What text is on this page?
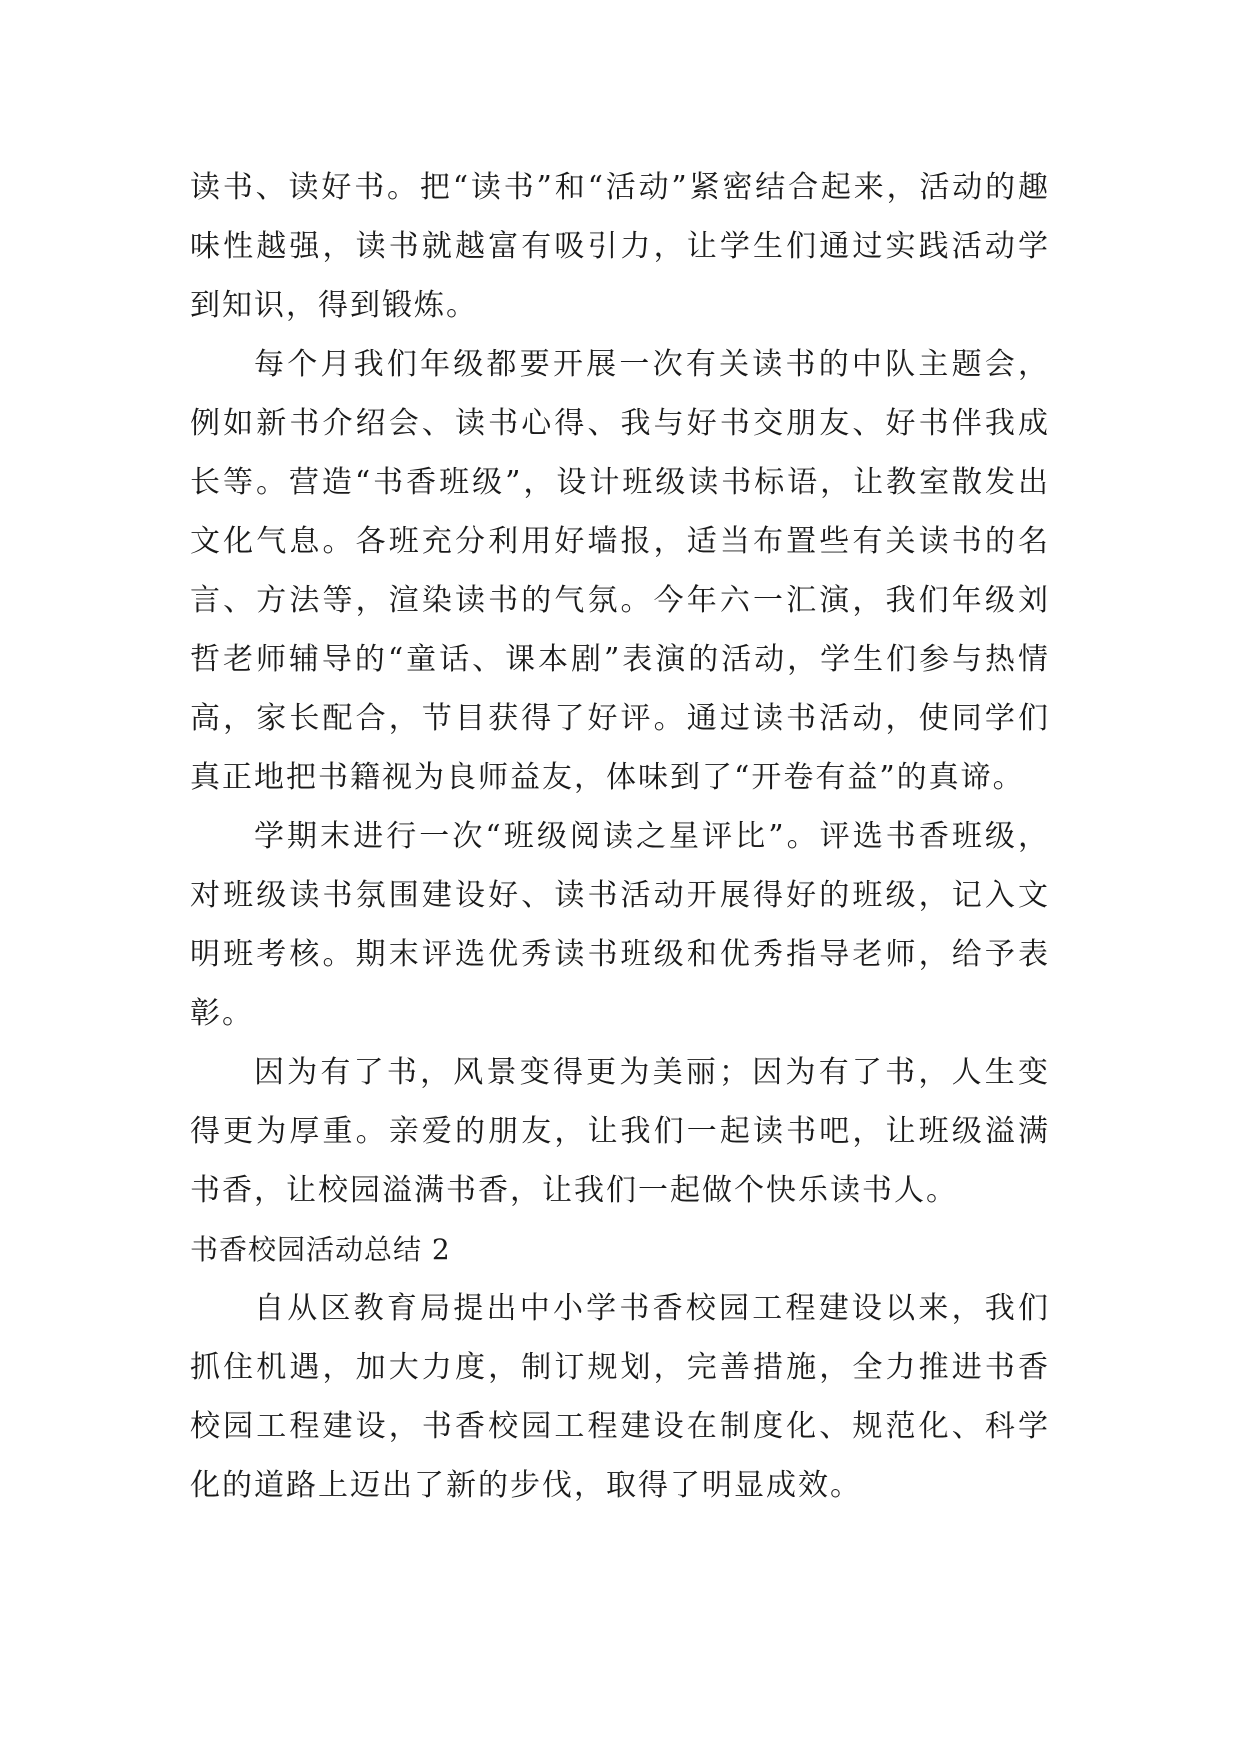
读书、读好书。把“读书”和“活动”紧密结合起来，活动的趣味性越强，读书就越富有吸引力，让学生们通过实践活动学到知识，得到锻炼。

每个月我们年级都要开展一次有关读书的中队主题会，例如新书介绍会、读书心得、我与好书交朋友、好书伴我成长等。营造“书香班级”，设计班级读书标语，让教室散发出文化气息。各班充分利用好墙报，适当布置些有关读书的名言、方法等，渲染读书的气氛。今年六一汇演，我们年级刘哲老师辅导的“童话、课本剧”表演的活动，学生们参与热情高，家长配合，节目获得了好评。通过读书活动，使同学们真正地把书籍视为良师益友，体味到了“开卷有益”的真谛。

学期末进行一次“班级阅读之星评比”。评选书香班级，对班级读书氛围建设好、读书活动开展得好的班级，记入文明班考核。期末评选优秀读书班级和优秀指导老师，给予表彰。

因为有了书，风景变得更为美丽；因为有了书，人生变得更为厚重。亲爱的朋友，让我们一起读书吧，让班级溢满书香，让校园溢满书香，让我们一起做个快乐读书人。

书香校园活动总结 2

自从区教育局提出中小学书香校园工程建设以来，我们抓住机遇，加大力度，制订规划，完善措施，全力推进书香校园工程建设，书香校园工程建设在制度化、规范化、科学化的道路上迈出了新的步伐，取得了明显成效。
